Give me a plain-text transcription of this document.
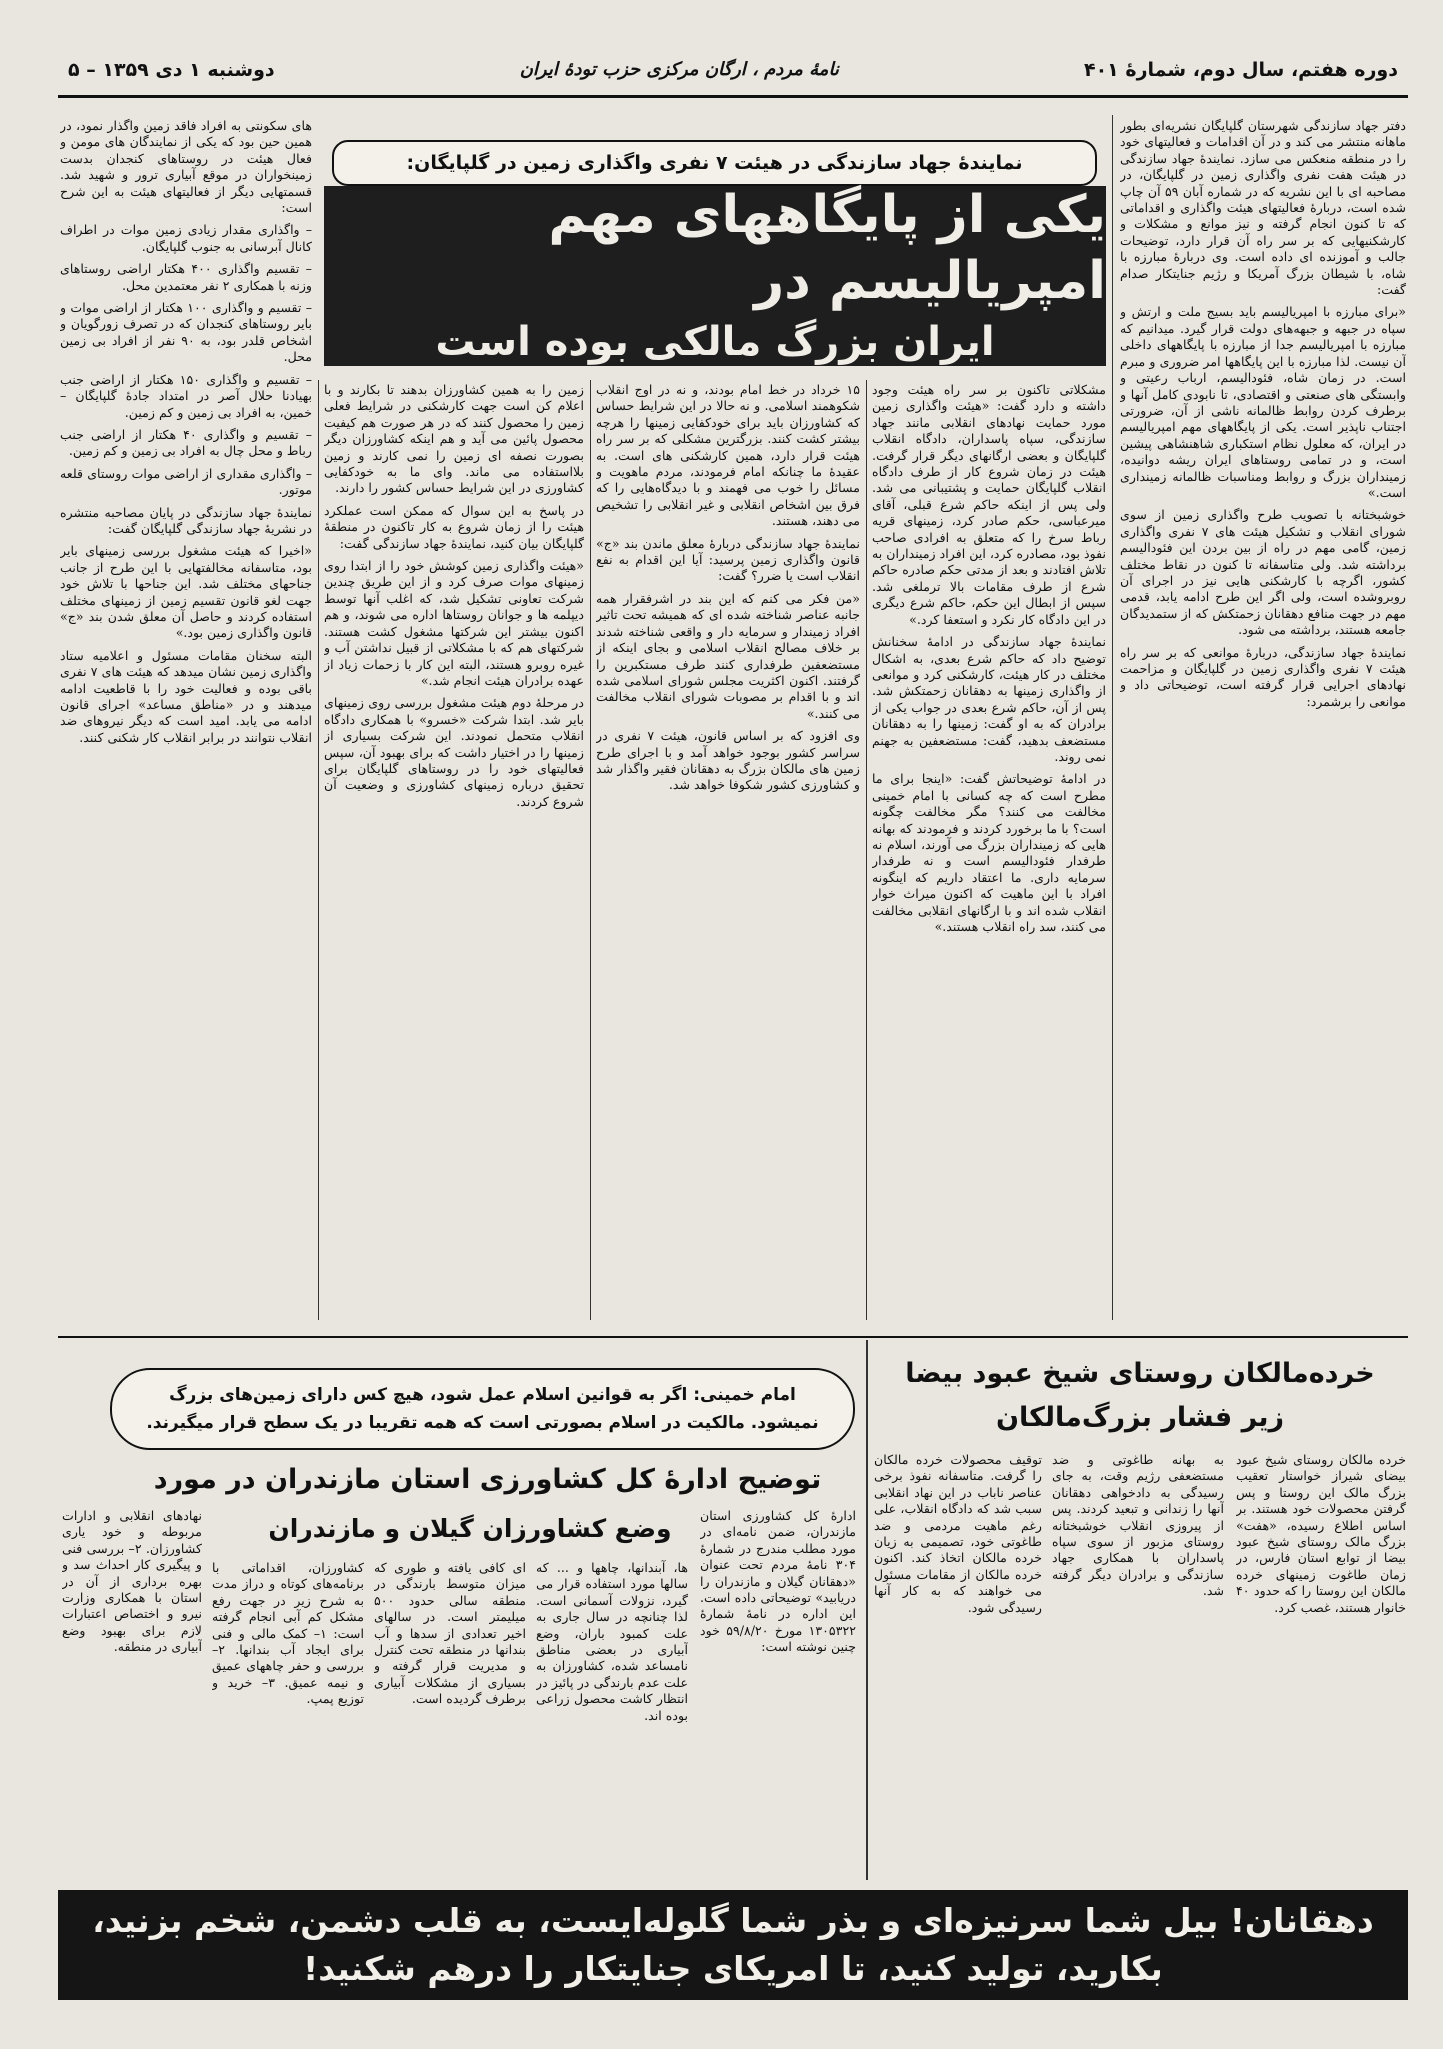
دوره هفتم، سال دوم، شمارۀ ۴۰۱
نامۀ مردم ، ارگان مرکزی حزب تودۀ ایران
دوشنبه ۱ دی ۱۳۵۹ – ۵
نمایندۀ جهاد سازندگی در هیئت ۷ نفری واگذاری زمین در گلپایگان:
یکی از پایگاههای مهم امپریالیسم در
ایران بزرگ مالکی بوده است

دفتر جهاد سازندگی شهرستان گلپایگان نشریه‌ای بطور ماهانه منتشر می کند و در آن اقدامات و فعالیتهای خود را در منطقه منعکس می سازد. نمایندۀ جهاد سازندگی در هیئت هفت نفری واگذاری زمین در گلپایگان، در مصاحبه ای با این نشریه که در شماره آبان ۵۹ آن چاپ شده است، دربارۀ فعالیتهای هیئت واگذاری و اقداماتی که تا کنون انجام گرفته و نیز موانع و مشکلات و کارشکنیهایی که بر سر راه آن قرار دارد، توضیحات جالب و آموزنده ای داده است. وی دربارۀ مبارزه با شاه، با شیطان بزرگ آمریکا و رژیم جنایتکار صدام گفت:

«برای مبارزه با امپریالیسم باید بسیج ملت و ارتش و سپاه در جبهه و جبهه‌های دولت قرار گیرد. میدانیم که مبارزه با امپریالیسم جدا از مبارزه با پایگاههای داخلی آن نیست. لذا مبارزه با این پایگاهها امر ضروری و مبرم است. در زمان شاه، فئودالیسم، ارباب رعیتی و وابستگی های صنعتی و اقتصادی، تا نابودی کامل آنها و برطرف کردن روابط ظالمانه ناشی از آن، ضرورتی اجتناب ناپذیر است. یکی از پایگاههای مهم امپریالیسم در ایران، که معلول نظام استکباری شاهنشاهی پیشین است، و در تمامی روستاهای ایران ریشه دوانیده، زمینداران بزرگ و روابط ومناسبات ظالمانه زمینداری است.»

خوشبختانه با تصویب طرح واگذاری زمین از سوی شورای انقلاب و تشکیل هیئت های ۷ نفری واگذاری زمین، گامی مهم در راه از بین بردن این فئودالیسم برداشته شد. ولی متاسفانه تا کنون در نقاط مختلف کشور، اگرچه با کارشکنی هایی نیز در اجرای آن روبروشده است، ولی اگر این طرح ادامه یابد، قدمی مهم در جهت منافع دهقانان زحمتکش که از ستمدیدگان جامعه هستند، برداشته می شود.

نمایندۀ جهاد سازندگی، دربارۀ موانعی که بر سر راه هیئت ۷ نفری واگذاری زمین در گلپایگان و مزاحمت نهادهای اجرایی قرار گرفته است، توضیحاتی داد و موانعی را برشمرد:

مشکلاتی تاکنون بر سر راه هیئت وجود داشته و دارد گفت: «هیئت واگذاری زمین مورد حمایت نهادهای انقلابی مانند جهاد سازندگی، سپاه پاسداران، دادگاه انقلاب گلپایگان و بعضی ارگانهای دیگر قرار گرفت. هیئت در زمان شروع کار از طرف دادگاه انقلاب گلپایگان حمایت و پشتیبانی می شد. ولی پس از اینکه حاکم شرع قبلی، آقای میرعباسی، حکم صادر کرد، زمینهای قریه رباط سرخ را که متعلق به افرادی صاحب نفوذ بود، مصادره کرد، این افراد زمینداران به تلاش افتادند و بعد از مدتی حکم صادره حاکم شرع از طرف مقامات بالا ترملغی شد. سپس از ابطال این حکم، حاکم شرع دیگری در این دادگاه کار نکرد و استعفا کرد.»

نمایندۀ جهاد سازندگی در ادامۀ سخنانش توضیح داد که حاکم شرع بعدی، به اشکال مختلف در کار هیئت، کارشکنی کرد و موانعی از واگذاری زمینها به دهقانان زحمتکش شد. پس از آن، حاکم شرع بعدی در جواب یکی از برادران که به او گفت: زمینها را به دهقانان مستضعف بدهید، گفت: مستضعفین به جهنم نمی روند.

در ادامۀ توضیحاتش گفت: «اینجا برای ما مطرح است که چه کسانی با امام خمینی مخالفت می کنند؟ مگر مخالفت چگونه است؟ با ما برخورد کردند و فرمودند که بهانه هایی که زمینداران بزرگ می آورند، اسلام نه طرفدار فئودالیسم است و نه طرفدار سرمایه داری. ما اعتقاد داریم که اینگونه افراد با این ماهیت که اکنون میراث خوار انقلاب شده اند و با ارگانهای انقلابی مخالفت می کنند، سد راه انقلاب هستند.»

۱۵ خرداد در خط امام بودند، و نه در اوج انقلاب شکوهمند اسلامی. و نه حالا در این شرایط حساس که کشاورزان باید برای خودکفایی زمینها را هرچه بیشتر کشت کنند. بزرگترین مشکلی که بر سر راه هیئت قرار دارد، همین کارشکنی های است. به عقیدۀ ما چنانکه امام فرمودند، مردم ماهویت و مسائل را خوب می فهمند و با دیدگاه‌هایی را که فرق بین اشخاص انقلابی و غیر انقلابی را تشخیص می دهند، هستند.

نمایندۀ جهاد سازندگی دربارۀ معلق ماندن بند «ج» قانون واگذاری زمین پرسید: آیا این اقدام به نفع انقلاب است یا ضرر؟ گفت:

«من فکر می کنم که این بند در اشرفقرار همه جانبه عناصر شناخته شده ای که همیشه تحت تاثیر افراد زمیندار و سرمایه دار و واقعی شناخته شدند بر خلاف مصالح انقلاب اسلامی و بجای اینکه از مستضعفین طرفداری کنند طرف مستکبرین را گرفتند. اکنون اکثریت مجلس شورای اسلامی شده اند و با اقدام بر مصوبات شورای انقلاب مخالفت می کنند.»

وی افزود که بر اساس قانون، هیئت ۷ نفری در سراسر کشور بوجود خواهد آمد و با اجرای طرح زمین های مالکان بزرگ به دهقانان فقیر واگذار شد و کشاورزی کشور شکوفا خواهد شد.

زمین را به همین کشاورزان بدهند تا بکارند و با اعلام کن است جهت کارشکنی در شرایط فعلی زمین را محصول کنند که در هر صورت هم کیفیت محصول پائین می آید و هم اینکه کشاورزان دیگر بصورت نصفه ای زمین را نمی کارند و زمین بلااستفاده می ماند. وای ما به خودکفایی کشاورزی در این شرایط حساس کشور را دارند.

در پاسخ به این سوال که ممکن است عملکرد هیئت را از زمان شروع به کار تاکنون در منطقۀ گلپایگان بیان کنید، نمایندۀ جهاد سازندگی گفت:

«هیئت واگذاری زمین کوشش خود را از ابتدا روی زمینهای موات صرف کرد و از این طریق چندین شرکت تعاونی تشکیل شد، که اغلب آنها توسط دیپلمه ها و جوانان روستاها اداره می شوند، و هم اکنون بیشتر این شرکتها مشغول کشت هستند. شرکتهای هم که با مشکلاتی از قبیل نداشتن آب و غیره روبرو هستند، البته این کار با زحمات زیاد از عهده برادران هیئت انجام شد.»

در مرحلۀ دوم هیئت مشغول بررسی روی زمینهای بایر شد. ابتدا شرکت «خسرو» با همکاری دادگاه انقلاب متحمل نمودند. این شرکت بسیاری از زمینها را در اختیار داشت که برای بهبود آن، سپس فعالیتهای خود را در روستاهای گلپایگان برای تحقیق درباره زمینهای کشاورزی و وضعیت آن شروع کردند.

های سکونتی به افراد فاقد زمین واگذار نمود، در همین حین بود که یکی از نمایندگان های مومن و فعال هیئت در روستاهای کنجدان بدست زمینخواران در موقع آبیاری ترور و شهید شد. قسمتهایی دیگر از فعالیتهای هیئت به این شرح است:

– واگذاری مقدار زیادی زمین موات در اطراف کانال آبرسانی به جنوب گلپایگان.

– تقسیم واگذاری ۴۰۰ هکتار اراضی روستاهای وزنه با همکاری ۲ نفر معتمدین محل.

– تقسیم و واگذاری ۱۰۰ هکتار از اراضی موات و بایر روستاهای کنجدان که در تصرف زورگویان و اشخاص قلدر بود، به ۹۰ نفر از افراد بی زمین محل.

– تقسیم و واگذاری ۱۵۰ هکتار از اراضی جنب بهیادنا حلال آصر در امتداد جادۀ گلپایگان – خمین، به افراد بی زمین و کم زمین.

– تقسیم و واگذاری ۴۰ هکتار از اراضی جنب رباط و محل چال به افراد بی زمین و کم زمین.

– واگذاری مقداری از اراضی موات روستای قلعه موتور.

نمایندۀ جهاد سازندگی در پایان مصاحبه منتشره در نشریۀ جهاد سازندگی گلپایگان گفت:

«اخیرا که هیئت مشغول بررسی زمینهای بایر بود، متاسفانه مخالفتهایی با این طرح از جانب جناحهای مختلف شد. این جناحها با تلاش خود جهت لغو قانون تقسیم زمین از زمینهای مختلف استفاده کردند و حاصل آن معلق شدن بند «ج» قانون واگذاری زمین بود.»

البته سخنان مقامات مسئول و اعلامیه ستاد واگذاری زمین نشان میدهد که هیئت های ۷ نفری باقی بوده و فعالیت خود را با قاطعیت ادامه میدهند و در «مناطق مساعد» اجرای قانون ادامه می یابد. امید است که دیگر نیروهای ضد انقلاب نتوانند در برابر انقلاب کار شکنی کنند.

امام خمینی: اگر به قوانین اسلام عمل شود، هیچ کس دارای زمین‌های بزرگ
نمیشود. مالکیت در اسلام بصورتی است که همه تقریبا در یک سطح قرار میگیرند.
توضیح ادارۀ کل کشاورزی استان مازندران در مورد
وضع کشاورزان گیلان و مازندران	ادارۀ کل کشاورزی استان مازندران، ضمن نامه‌ای در مورد مطلب مندرج در شمارۀ ۳۰۴ نامۀ مردم تحت عنوان «دهقانان گیلان و مازندران را دریابید» توضیحاتی داده است. این اداره در نامۀ شمارۀ ۱۳۰۵۳۲۲ مورخ ۵۹/۸/۲۰ خود چنین نوشته است:

ها، آبندانها، چاهها و ... که سالها مورد استفاده قرار می گیرد، نزولات آسمانی است. لذا چنانچه در سال جاری به علت کمبود باران، وضع آبیاری در بعضی مناطق نامساعد شده، کشاورزان به علت عدم بارندگی در پائیز در انتظار کاشت محصول زراعی بوده اند.

ای کافی یافته و طوری که میزان متوسط بارندگی در منطقه سالی حدود ۵۰۰ میلیمتر است. در سالهای اخیر تعدادی از سدها و آب بندانها در منطقه تحت کنترل و مدیریت قرار گرفته و بسیاری از مشکلات آبیاری برطرف گردیده است.

کشاورزان، اقداماتی با برنامه‌های کوتاه و دراز مدت به شرح زیر در جهت رفع مشکل کم آبی انجام گرفته است: ۱– کمک مالی و فنی برای ایجاد آب بندانها. ۲– بررسی و حفر چاههای عمیق و نیمه عمیق. ۳– خرید و توزیع پمپ.

نهادهای انقلابی و ادارات مربوطه و خود یاری کشاورزان. ۲– بررسی فنی و پیگیری کار احداث سد و بهره برداری از آن در استان با همکاری وزارت نیرو و اختصاص اعتبارات لازم برای بهبود وضع آبیاری در منطقه.

خرده‌مالکان روستای شیخ عبود بیضا
زیر فشار بزرگ‌مالکان

خرده مالکان روستای شیخ عبود بیضای شیراز خواستار تعقیب بزرگ مالک این روستا و پس گرفتن محصولات خود هستند. بر اساس اطلاع رسیده، «هفت» بزرگ مالک روستای شیخ عبود بیضا از توابع استان فارس، در زمان طاغوت زمینهای خرده مالکان این روستا را که حدود ۴۰ خانوار هستند، غصب کرد.

به بهانه طاغوتی و ضد مستضعفی رژیم وقت، به جای رسیدگی به دادخواهی دهقانان آنها را زندانی و تبعید کردند. پس از پیروزی انقلاب خوشبختانه روستای مزبور از سوی سپاه پاسداران با همکاری جهاد سازندگی و برادران دیگر گرفته شد.

توقیف محصولات خرده مالکان را گرفت. متاسفانه نفوذ برخی عناصر ناباب در این نهاد انقلابی سبب شد که دادگاه انقلاب، علی رغم ماهیت مردمی و ضد طاغوتی خود، تصمیمی به زیان خرده مالکان اتخاذ کند. اکنون خرده مالکان از مقامات مسئول می خواهند که به کار آنها رسیدگی شود.

دهقانان! بیل شما سرنیزه‌ای و بذر شما گلوله‌ایست، به قلب دشمن، شخم بزنید،
بکارید، تولید کنید، تا امریکای جنایتکار را درهم شکنید!
